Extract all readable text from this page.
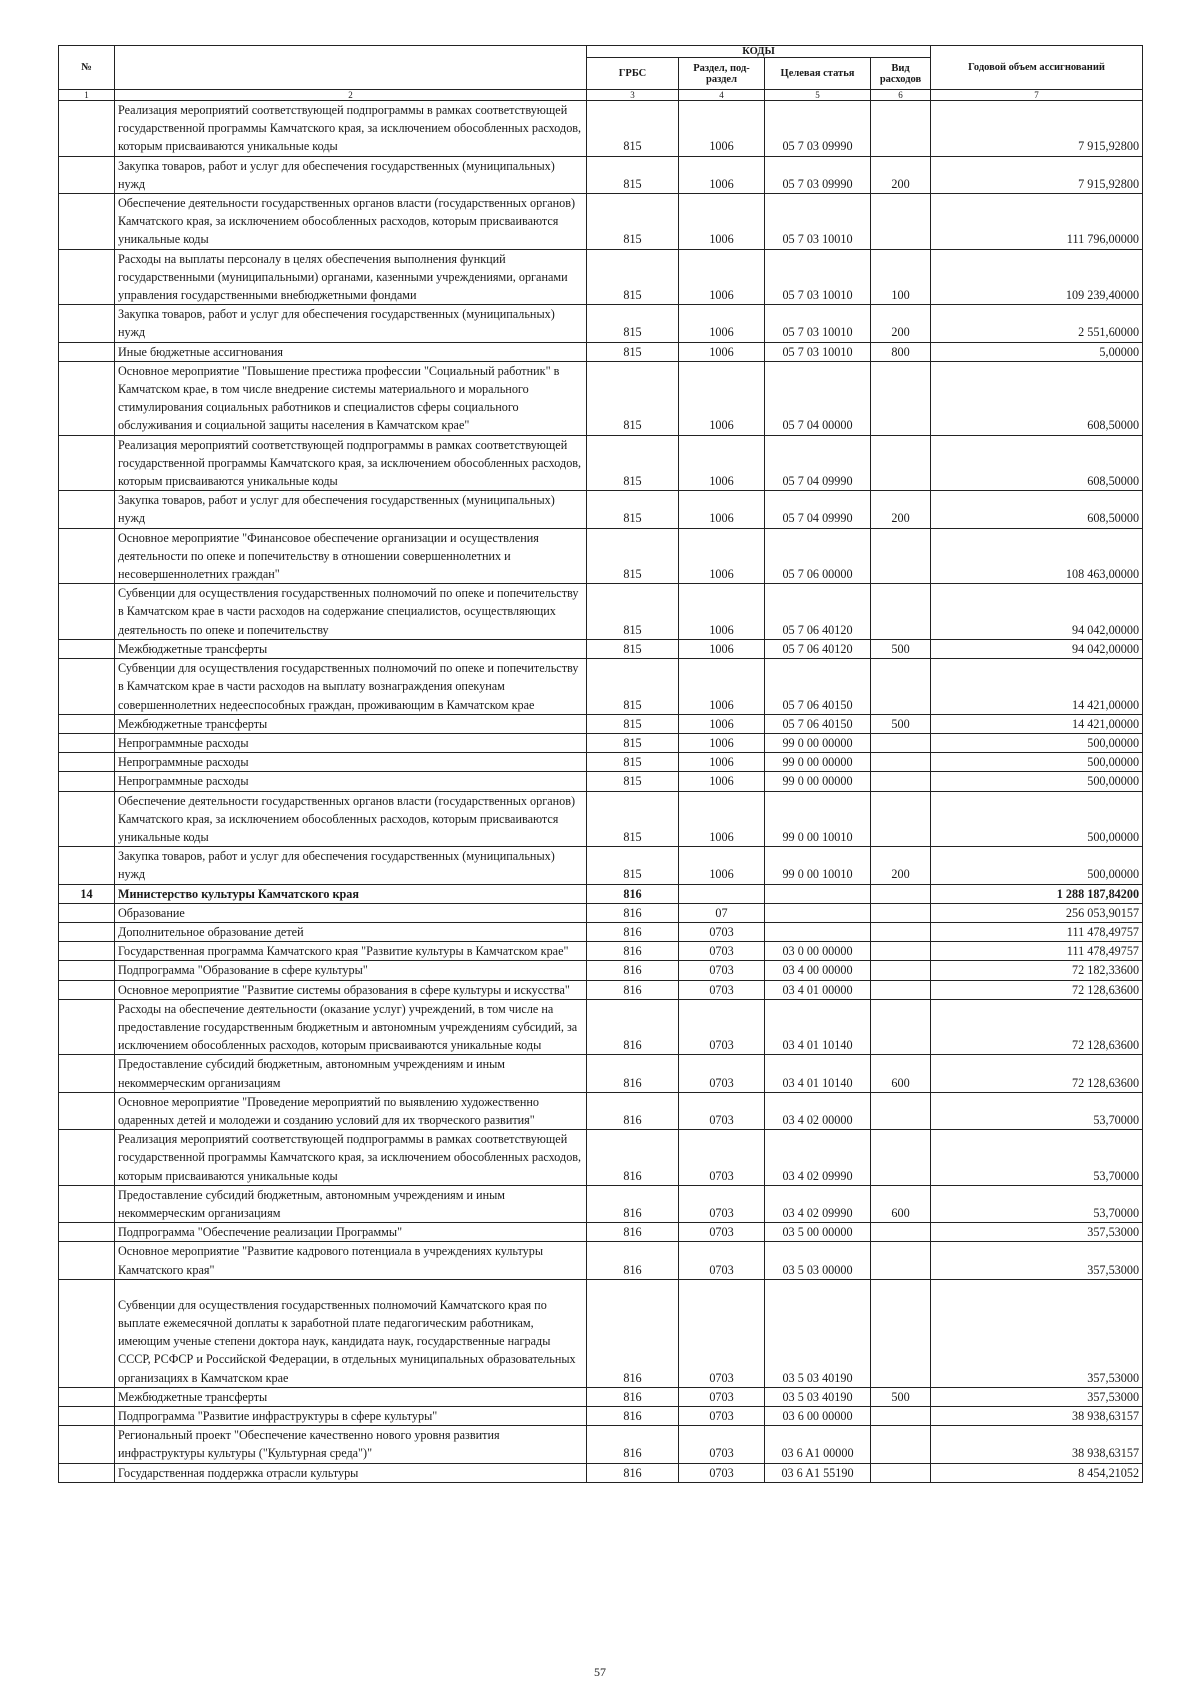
№		КОДЫ				Годовой объем ассигнований
		ГРБС	Раздел, под-раздел	Целевая статья	Вид расходов	
1	2	3	4	5	6	7
	Реализация мероприятий соответствующей подпрограммы в рамках соответствующей государственной программы Камчатского края, за исключением обособленных расходов, которым присваиваются уникальные коды	815	1006	05 7 03 09990		7 915,92800
	Закупка товаров, работ и услуг для обеспечения государственных (муниципальных) нужд	815	1006	05 7 03 09990	200	7 915,92800
	Обеспечение деятельности государственных органов власти (государственных органов) Камчатского края, за исключением обособленных расходов, которым присваиваются уникальные коды	815	1006	05 7 03 10010		111 796,00000
	Расходы на выплаты персоналу в целях обеспечения выполнения функций государственными (муниципальными) органами, казенными учреждениями, органами управления государственными внебюджетными фондами	815	1006	05 7 03 10010	100	109 239,40000
	Закупка товаров, работ и услуг для обеспечения государственных (муниципальных) нужд	815	1006	05 7 03 10010	200	2 551,60000
	Иные бюджетные ассигнования	815	1006	05 7 03 10010	800	5,00000
	Основное мероприятие "Повышение престижа профессии "Социальный работник" в Камчатском крае, в том числе внедрение системы материального и морального стимулирования социальных работников и специалистов сферы социального обслуживания и социальной защиты населения в Камчатском крае"	815	1006	05 7 04 00000		608,50000
	Реализация мероприятий соответствующей подпрограммы в рамках соответствующей государственной программы Камчатского края, за исключением обособленных расходов, которым присваиваются уникальные коды	815	1006	05 7 04 09990		608,50000
	Закупка товаров, работ и услуг для обеспечения государственных (муниципальных) нужд	815	1006	05 7 04 09990	200	608,50000
	Основное мероприятие "Финансовое обеспечение организации и осуществления деятельности по опеке и попечительству в отношении совершеннолетних и несовершеннолетних граждан"	815	1006	05 7 06 00000		108 463,00000
	Субвенции для осуществления государственных полномочий по опеке и попечительству в Камчатском крае в части расходов на содержание специалистов, осуществляющих деятельность по опеке и попечительству	815	1006	05 7 06 40120		94 042,00000
	Межбюджетные трансферты	815	1006	05 7 06 40120	500	94 042,00000
	Субвенции для осуществления государственных полномочий по опеке и попечительству в Камчатском крае в части расходов на выплату вознаграждения опекунам совершеннолетних недееспособных граждан, проживающим в Камчатском крае	815	1006	05 7 06 40150		14 421,00000
	Межбюджетные трансферты	815	1006	05 7 06 40150	500	14 421,00000
	Непрограммные расходы	815	1006	99 0 00 00000		500,00000
	Непрограммные расходы	815	1006	99 0 00 00000		500,00000
	Непрограммные расходы	815	1006	99 0 00 00000		500,00000
	Обеспечение деятельности государственных органов власти (государственных органов) Камчатского края, за исключением обособленных расходов, которым присваиваются уникальные коды	815	1006	99 0 00 10010		500,00000
	Закупка товаров, работ и услуг для обеспечения государственных (муниципальных) нужд	815	1006	99 0 00 10010	200	500,00000
14	Министерство культуры Камчатского края	816				1 288 187,84200
	Образование	816	07			256 053,90157
	Дополнительное образование детей	816	0703			111 478,49757
	Государственная программа Камчатского края "Развитие культуры в Камчатском крае"	816	0703	03 0 00 00000		111 478,49757
	Подпрограмма "Образование в сфере культуры"	816	0703	03 4 00 00000		72 182,33600
	Основное мероприятие "Развитие системы образования в сфере культуры и искусства"	816	0703	03 4 01 00000		72 128,63600
	Расходы на обеспечение деятельности (оказание услуг) учреждений, в том числе на предоставление государственным бюджетным и автономным учреждениям субсидий, за исключением обособленных расходов, которым присваиваются уникальные коды	816	0703	03 4 01 10140		72 128,63600
	Предоставление субсидий бюджетным, автономным учреждениям и иным некоммерческим организациям	816	0703	03 4 01 10140	600	72 128,63600
	Основное мероприятие "Проведение мероприятий по выявлению художественно одаренных детей и молодежи и созданию условий для их творческого развития"	816	0703	03 4 02 00000		53,70000
	Реализация мероприятий соответствующей подпрограммы в рамках соответствующей государственной программы Камчатского края, за исключением обособленных расходов, которым присваиваются уникальные коды	816	0703	03 4 02 09990		53,70000
	Предоставление субсидий бюджетным, автономным учреждениям и иным некоммерческим организациям	816	0703	03 4 02 09990	600	53,70000
	Подпрограмма "Обеспечение реализации Программы"	816	0703	03 5 00 00000		357,53000
	Основное мероприятие "Развитие кадрового потенциала в учреждениях культуры Камчатского края"	816	0703	03 5 03 00000		357,53000
	Субвенции для осуществления государственных полномочий Камчатского края по выплате ежемесячной доплаты к заработной плате педагогическим работникам, имеющим ученые степени доктора наук, кандидата наук, государственные награды СССР, РСФСР и Российской Федерации, в отдельных муниципальных образовательных организациях в Камчатском крае	816	0703	03 5 03 40190		357,53000
	Межбюджетные трансферты	816	0703	03 5 03 40190	500	357,53000
	Подпрограмма "Развитие инфраструктуры в сфере культуры"	816	0703	03 6 00 00000		38 938,63157
	Региональный проект "Обеспечение качественно нового уровня развития инфраструктуры культуры ("Культурная среда")"	816	0703	03 6 A1 00000		38 938,63157
	Государственная поддержка отрасли культуры	816	0703	03 6 A1 55190		8 454,21052
57
